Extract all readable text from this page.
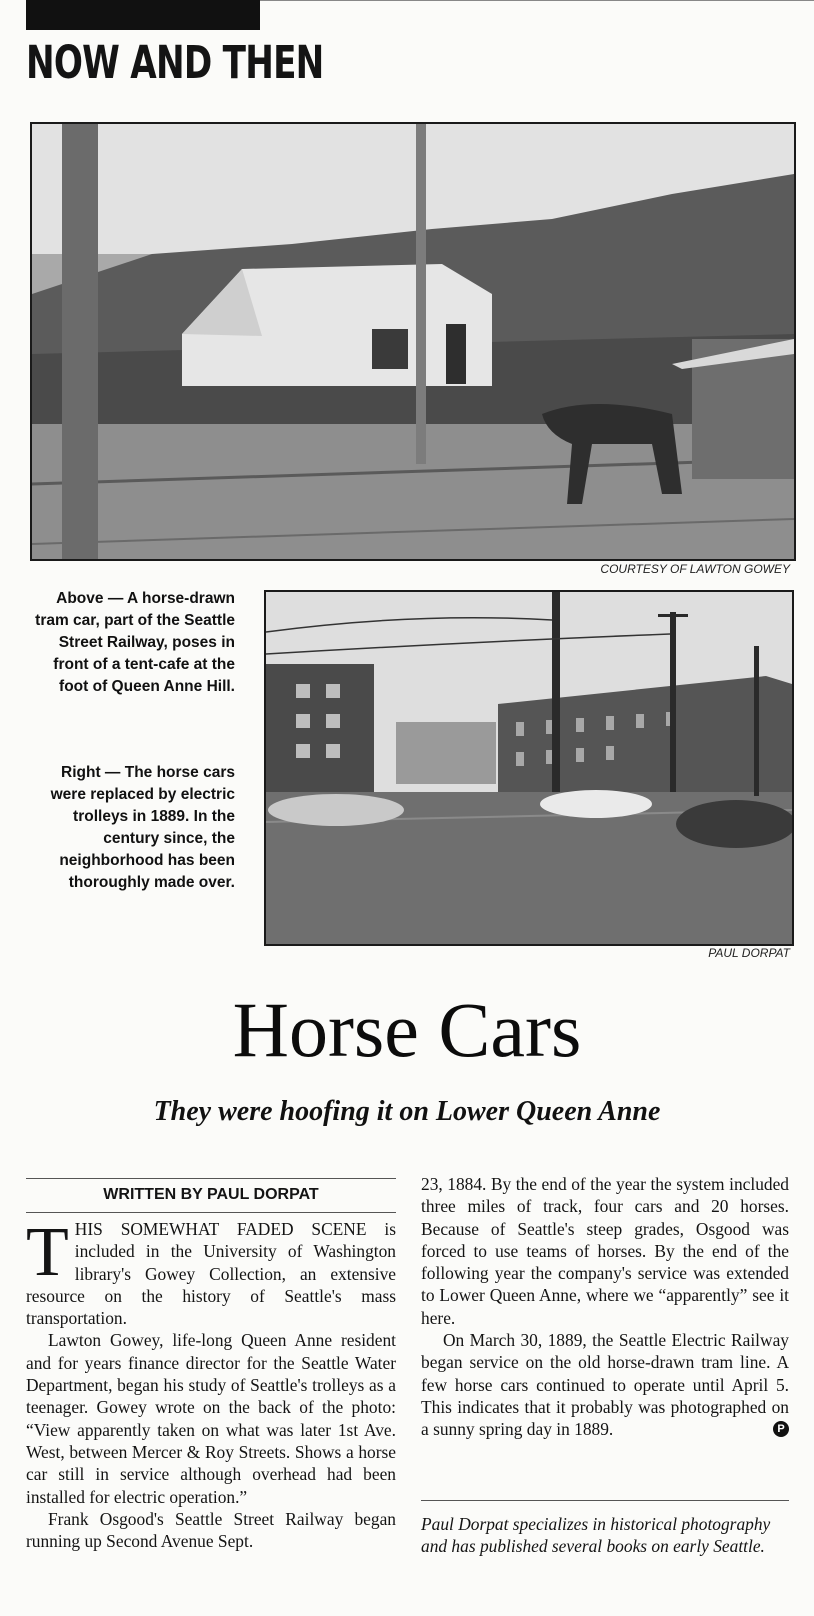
NOW AND THEN
COURTESY OF LAWTON GOWEY

Above — A horse-drawn tram car, part of the Seattle Street Railway, poses in front of a tent-cafe at the foot of Queen Anne Hill.

Right — The horse cars were replaced by electric trolleys in 1889. In the century since, the neighborhood has been thoroughly made over.

PAUL DORPAT
Horse Cars

They were hoofing it on Lower Queen Anne

WRITTEN BY PAUL DORPAT

THIS SOMEWHAT FADED SCENE is included in the University of Washington library's Gowey Collection, an extensive resource on the history of Seattle's mass transportation.

Lawton Gowey, life-long Queen Anne resident and for years finance director for the Seattle Water Department, began his study of Seattle's trolleys as a teenager. Gowey wrote on the back of the photo: “View apparently taken on what was later 1st Ave. West, between Mercer & Roy Streets. Shows a horse car still in service although overhead had been installed for electric operation.”

Frank Osgood's Seattle Street Railway began running up Second Avenue Sept.

23, 1884. By the end of the year the system included three miles of track, four cars and 20 horses. Because of Seattle's steep grades, Osgood was forced to use teams of horses. By the end of the following year the company's service was extended to Lower Queen Anne, where we “apparently” see it here.

On March 30, 1889, the Seattle Electric Railway began service on the old horse-drawn tram line. A few horse cars continued to operate until April 5. This indicates that it probably was photographed on a sunny spring day in 1889.	P

Paul Dorpat specializes in historical photography and has published several books on early Seattle.
